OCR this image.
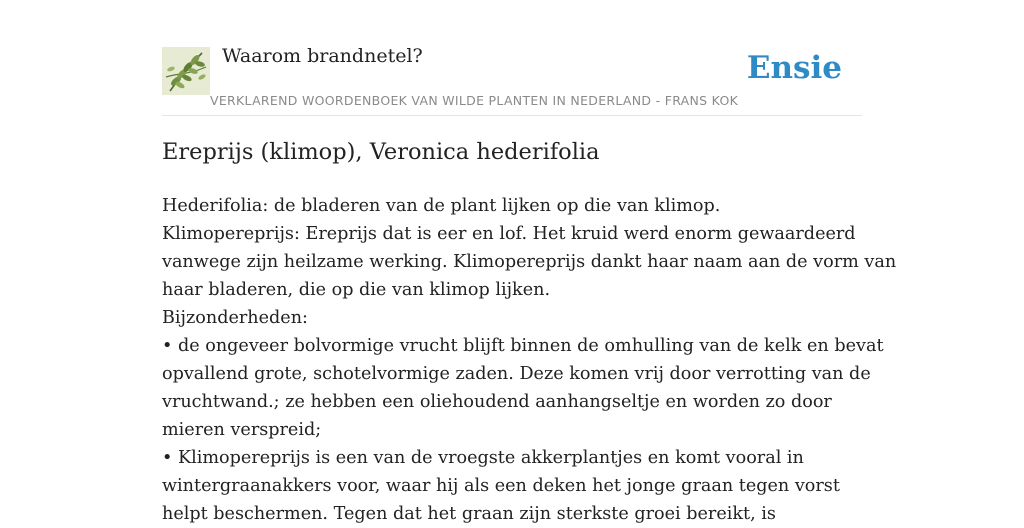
Waarom brandnetel?
VERKLAREND WOORDENBOEK VAN WILDE PLANTEN IN NEDERLAND - FRANS KOK
Ensie
Ereprijs (klimop), Veronica hederifolia
Hederifolia: de bladeren van de plant lijken op die van klimop.
Klimopereprijs: Ereprijs dat is eer en lof. Het kruid werd enorm gewaardeerd
vanwege zijn heilzame werking. Klimopereprijs dankt haar naam aan de vorm van
haar bladeren, die op die van klimop lijken.
Bijzonderheden:
• de ongeveer bolvormige vrucht blijft binnen de omhulling van de kelk en bevat
opvallend grote, schotelvormige zaden. Deze komen vrij door verrotting van de
vruchtwand.; ze hebben een oliehoudend aanhangseltje en worden zo door
mieren verspreid;
• Klimopereprijs is een van de vroegste akkerplantjes en komt vooral in
wintergraanakkers voor, waar hij als een deken het jonge graan tegen vorst
helpt beschermen. Tegen dat het graan zijn sterkste groei bereikt, is
